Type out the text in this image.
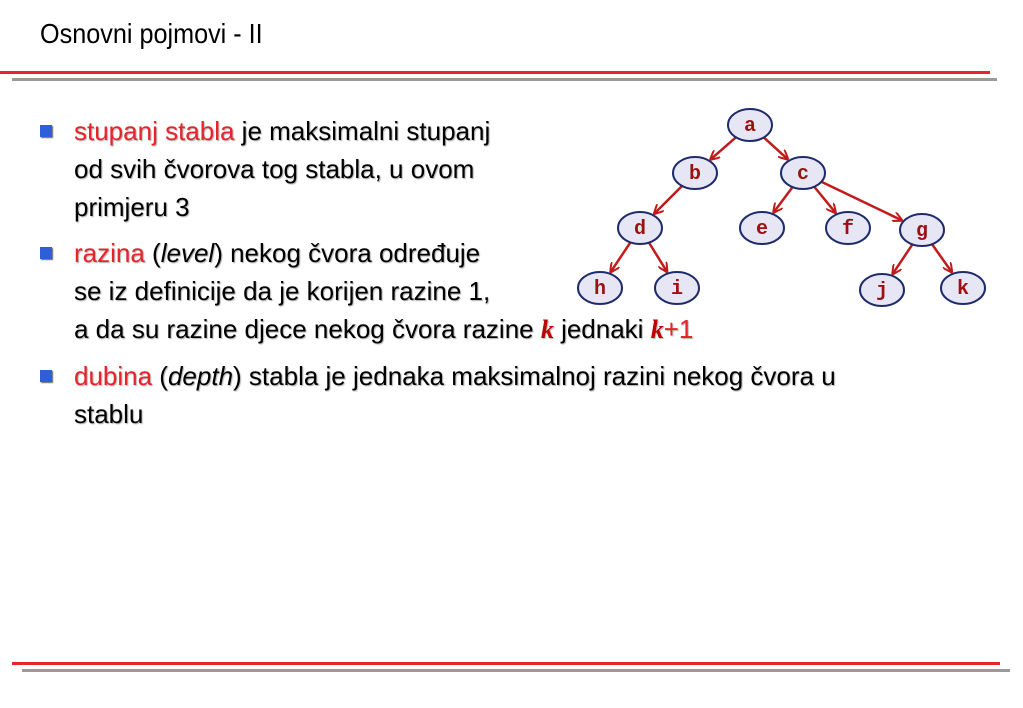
Osnovni pojmovi - II
stupanj stabla je maksimalni stupanj
od svih čvorova tog stabla, u ovom
primjeru 3
razina (level) nekog čvora određuje
se iz definicije da je korijen razine 1,
a da su razine djece nekog čvora razine k jednaki k+1
dubina (depth) stabla je jednaka maksimalnoj razini nekog čvora u
stablu
a
b	c
d	e	f	g
h	i	j	k
